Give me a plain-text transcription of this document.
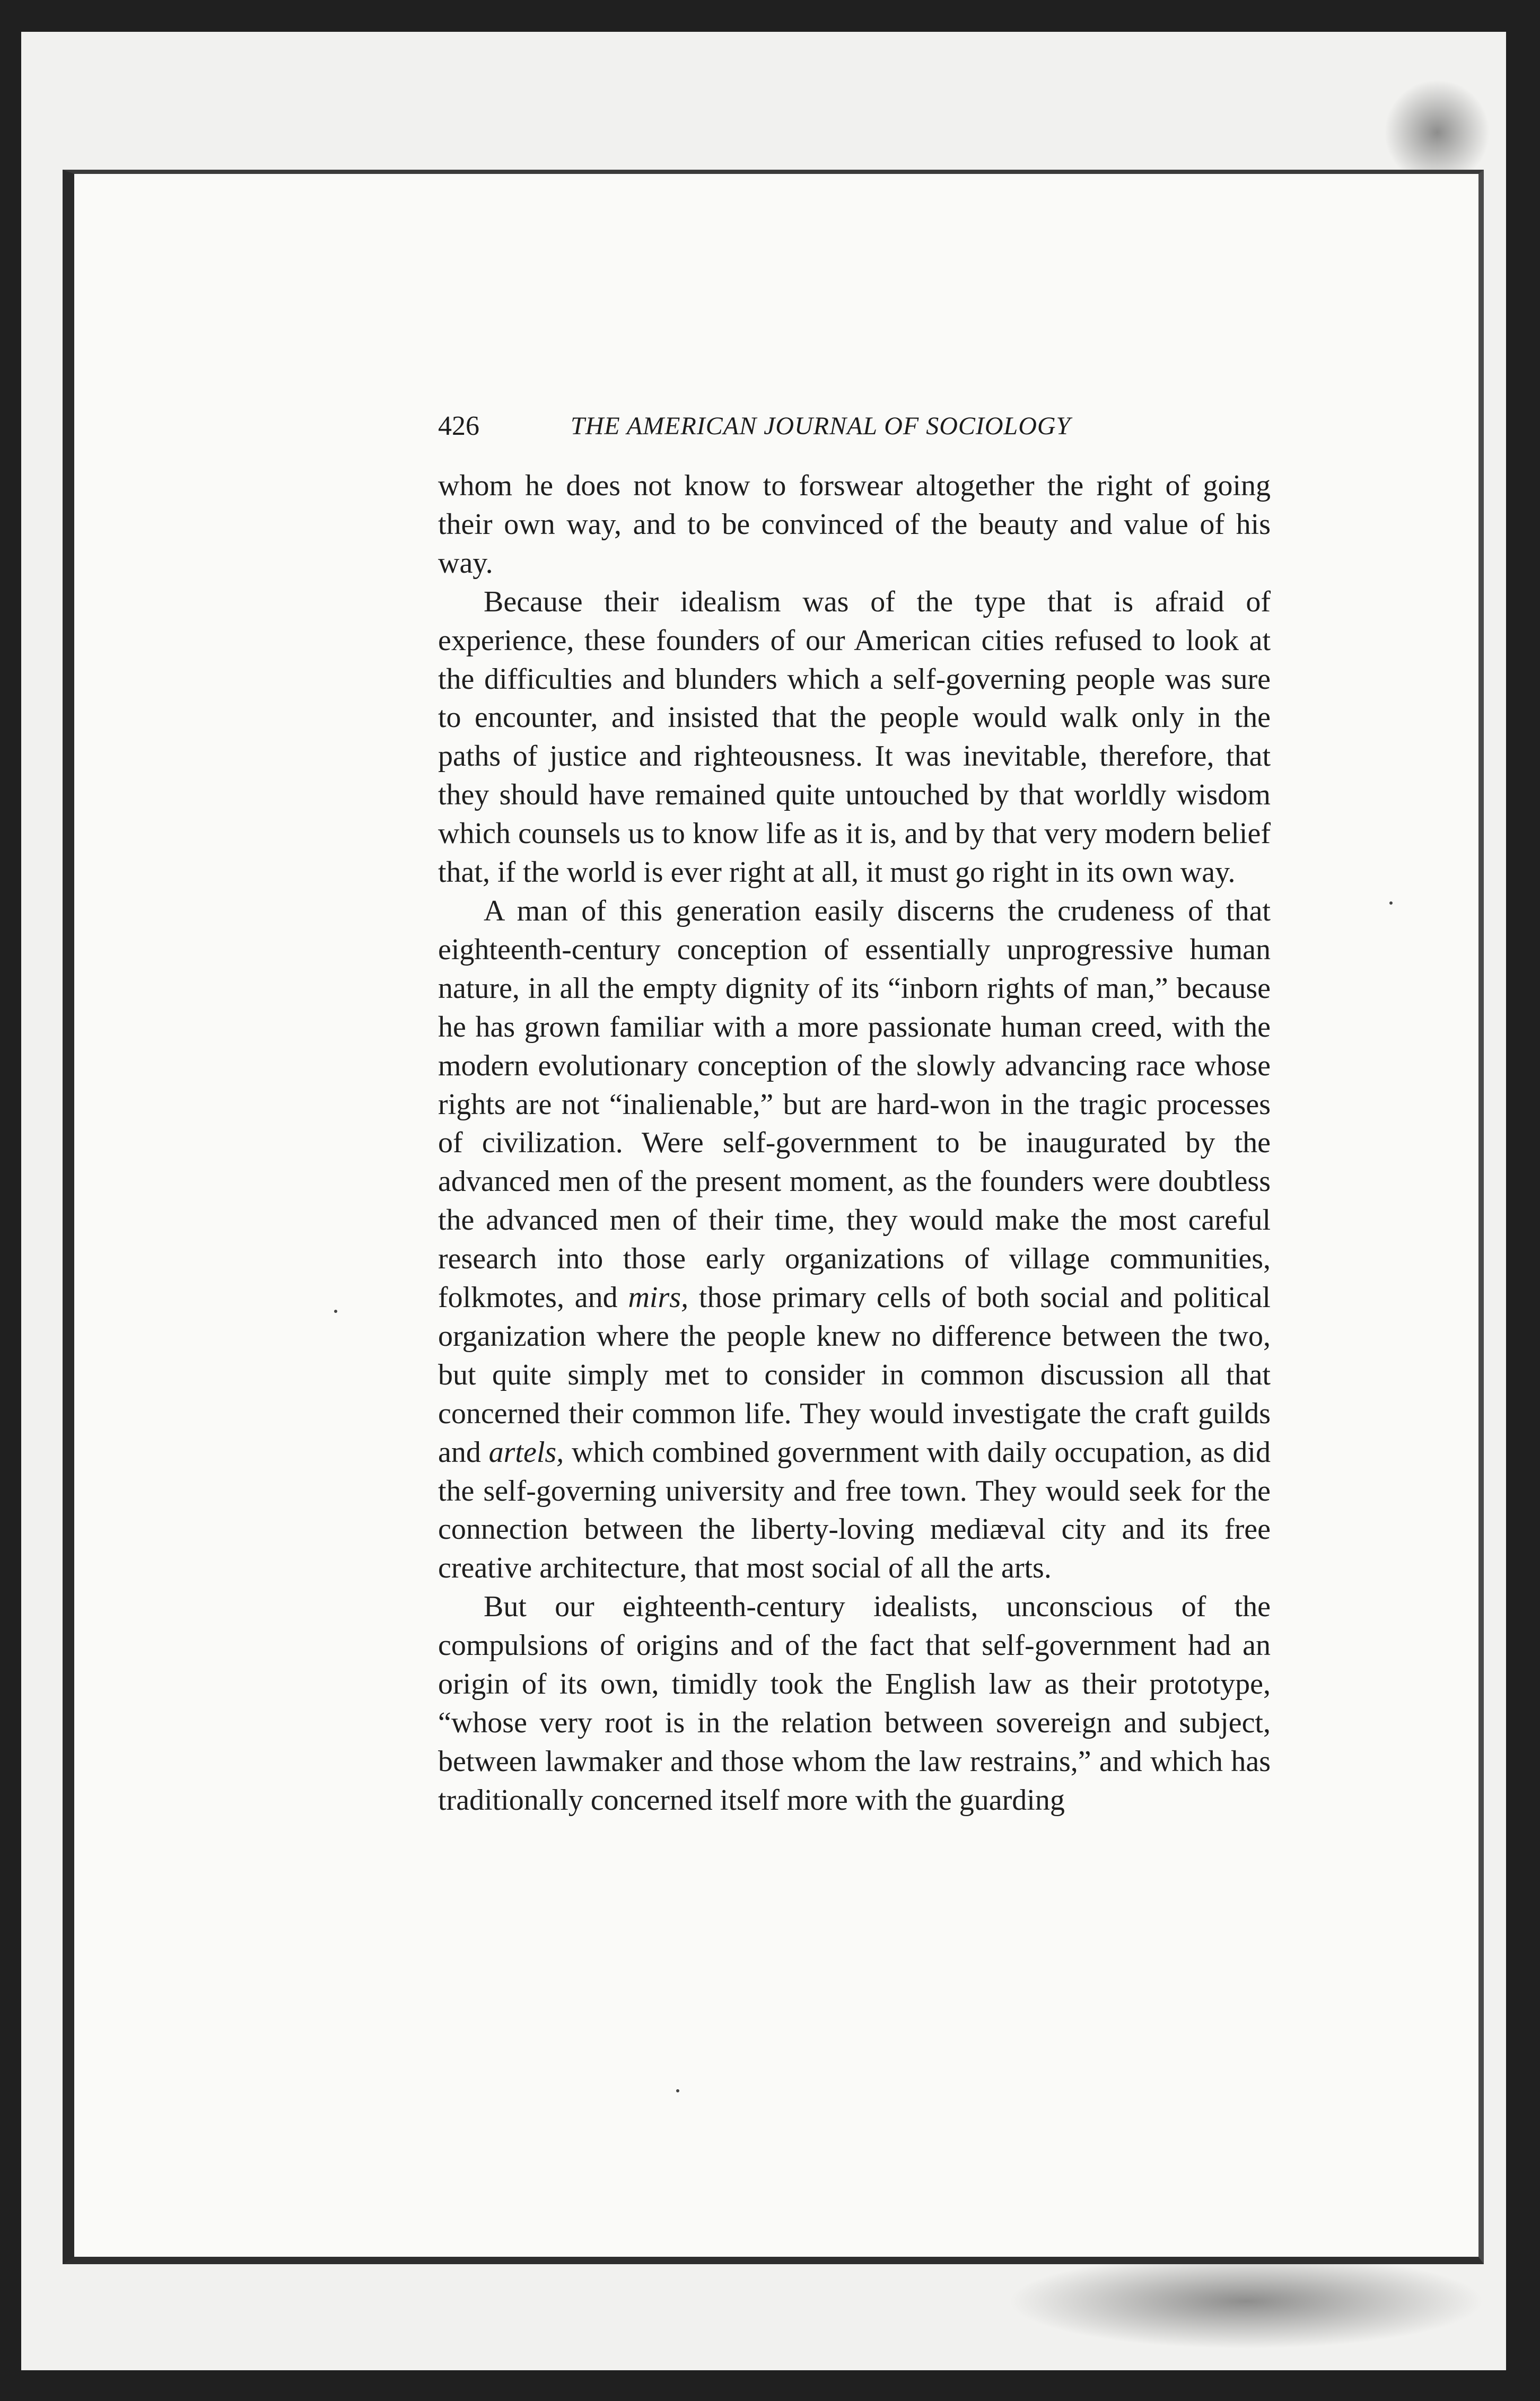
426	THE AMERICAN JOURNAL OF SOCIOLOGY

whom he does not know to forswear altogether the right of going their own way, and to be convinced of the beauty and value of his way.

Because their idealism was of the type that is afraid of experience, these founders of our American cities refused to look at the difficulties and blunders which a self-governing people was sure to encounter, and insisted that the people would walk only in the paths of justice and righteousness. It was inevitable, therefore, that they should have remained quite untouched by that worldly wisdom which counsels us to know life as it is, and by that very modern belief that, if the world is ever right at all, it must go right in its own way.

A man of this generation easily discerns the crudeness of that eighteenth-century conception of essentially unprogressive human nature, in all the empty dignity of its “inborn rights of man,” because he has grown familiar with a more passionate human creed, with the modern evolutionary conception of the slowly advancing race whose rights are not “inalienable,” but are hard-won in the tragic processes of civilization. Were self-government to be inaugurated by the advanced men of the present moment, as the founders were doubtless the advanced men of their time, they would make the most careful research into those early organizations of village communities, folkmotes, and mirs, those primary cells of both social and political organization where the people knew no difference between the two, but quite simply met to consider in common discussion all that concerned their common life. They would investigate the craft guilds and artels, which combined government with daily occupation, as did the self-governing university and free town. They would seek for the connection between the liberty-loving mediæval city and its free creative architecture, that most social of all the arts.

But our eighteenth-century idealists, unconscious of the compulsions of origins and of the fact that self-government had an origin of its own, timidly took the English law as their prototype, “whose very root is in the relation between sovereign and subject, between lawmaker and those whom the law restrains,” and which has traditionally concerned itself more with the guarding
